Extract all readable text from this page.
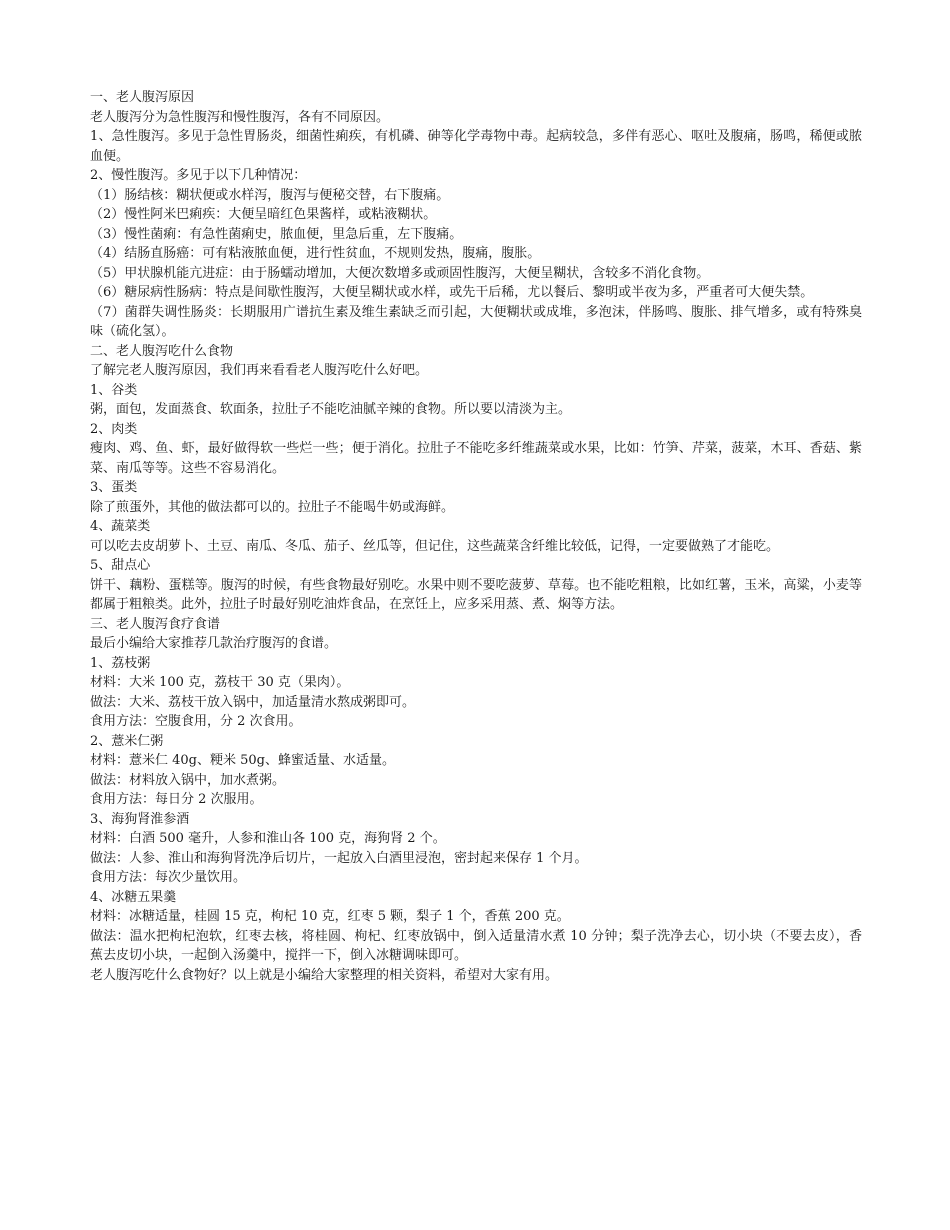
一、老人腹泻原因

老人腹泻分为急性腹泻和慢性腹泻，各有不同原因。

1、急性腹泻。多见于急性胃肠炎，细菌性痢疾，有机磷、砷等化学毒物中毒。起病较急，多伴有恶心、呕吐及腹痛，肠鸣，稀便或脓血便。

2、慢性腹泻。多见于以下几种情况：

（1）肠结核：糊状便或水样泻，腹泻与便秘交替，右下腹痛。

（2）慢性阿米巴痢疾：大便呈暗红色果酱样，或粘液糊状。

（3）慢性菌痢：有急性菌痢史，脓血便，里急后重，左下腹痛。

（4）结肠直肠癌：可有粘液脓血便，进行性贫血，不规则发热，腹痛，腹胀。

（5）甲状腺机能亢进症：由于肠蠕动增加，大便次数增多或顽固性腹泻，大便呈糊状，含较多不消化食物。

（6）糖尿病性肠病：特点是间歇性腹泻，大便呈糊状或水样，或先干后稀，尤以餐后、黎明或半夜为多，严重者可大便失禁。

（7）菌群失调性肠炎：长期服用广谱抗生素及维生素缺乏而引起，大便糊状或成堆，多泡沫，伴肠鸣、腹胀、排气增多，或有特殊臭味（硫化氢）。

二、老人腹泻吃什么食物

了解完老人腹泻原因，我们再来看看老人腹泻吃什么好吧。

1、谷类

粥，面包，发面蒸食、软面条，拉肚子不能吃油腻辛辣的食物。所以要以清淡为主。

2、肉类

瘦肉、鸡、鱼、虾，最好做得软一些烂一些；便于消化。拉肚子不能吃多纤维蔬菜或水果，比如：竹笋、芹菜，菠菜，木耳、香菇、紫菜、南瓜等等。这些不容易消化。

3、蛋类

除了煎蛋外，其他的做法都可以的。拉肚子不能喝牛奶或海鲜。

4、蔬菜类

可以吃去皮胡萝卜、土豆、南瓜、冬瓜、茄子、丝瓜等，但记住，这些蔬菜含纤维比较低，记得，一定要做熟了才能吃。

5、甜点心

饼干、藕粉、蛋糕等。腹泻的时候，有些食物最好别吃。水果中则不要吃菠萝、草莓。也不能吃粗粮，比如红薯，玉米，高粱，小麦等都属于粗粮类。此外，拉肚子时最好别吃油炸食品，在烹饪上，应多采用蒸、煮、焖等方法。

三、老人腹泻食疗食谱

最后小编给大家推荐几款治疗腹泻的食谱。

1、荔枝粥

材料：大米 100 克，荔枝干 30 克（果肉）。

做法：大米、荔枝干放入锅中，加适量清水熬成粥即可。

食用方法：空腹食用，分 2 次食用。

2、薏米仁粥

材料：薏米仁 40g、粳米 50g、蜂蜜适量、水适量。

做法：材料放入锅中，加水煮粥。

食用方法：每日分 2 次服用。

3、海狗肾淮参酒

材料：白酒 500 毫升，人参和淮山各 100 克，海狗肾 2 个。

做法：人参、淮山和海狗肾洗净后切片，一起放入白酒里浸泡，密封起来保存 1 个月。

食用方法：每次少量饮用。

4、冰糖五果羹

材料：冰糖适量，桂圆 15 克，枸杞 10 克，红枣 5 颗，梨子 1 个，香蕉 200 克。

做法：温水把枸杞泡软，红枣去核，将桂圆、枸杞、红枣放锅中，倒入适量清水煮 10 分钟；梨子洗净去心，切小块（不要去皮），香蕉去皮切小块，一起倒入汤羹中，搅拌一下，倒入冰糖调味即可。

老人腹泻吃什么食物好？以上就是小编给大家整理的相关资料，希望对大家有用。
